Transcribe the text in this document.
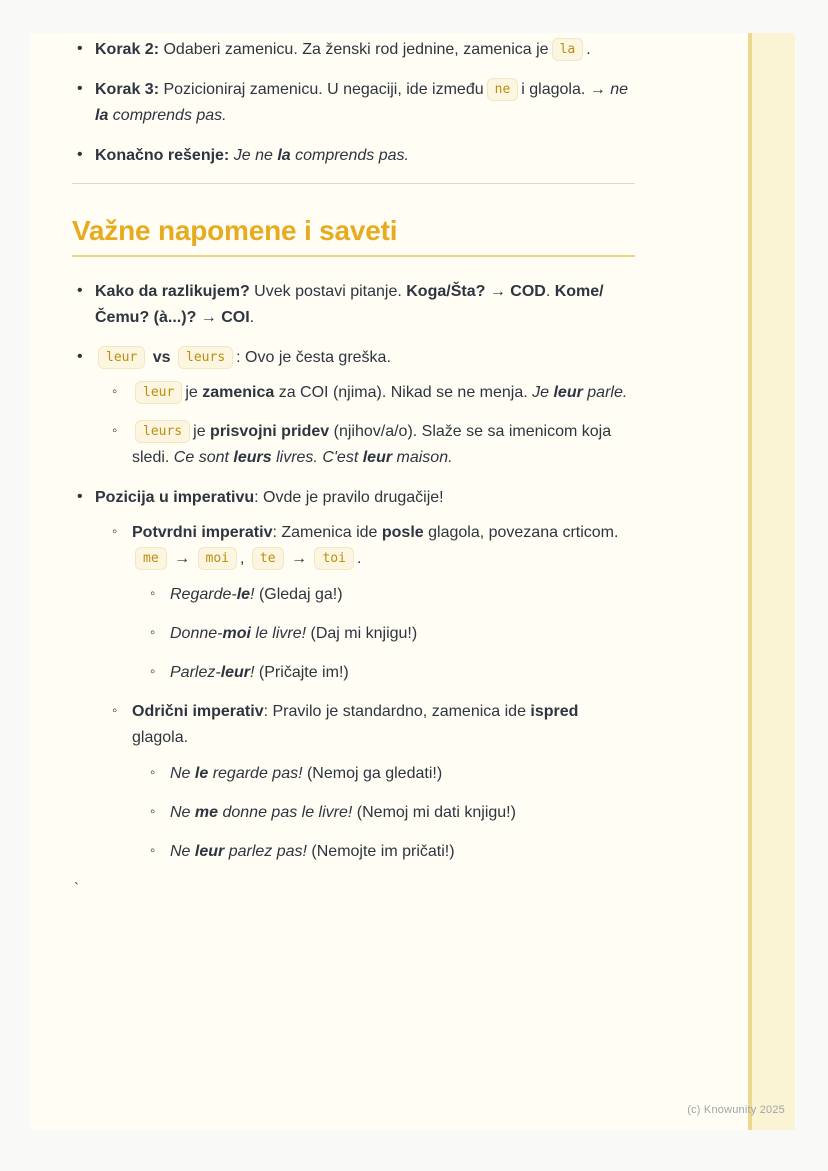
• Korak 2: Odaberi zamenicu. Za ženski rod jednine, zamenica je la .
• Korak 3: Pozicioniraj zamenicu. U negaciji, ide između ne i glagola. → ne la comprends pas.
• Konačno rešenje: Je ne la comprends pas.
Važne napomene i saveti
• Kako da razlikujem? Uvek postavi pitanje. Koga/Šta? → COD. Kome/Čemu? (à...)? → COI.
• leur vs leurs : Ovo je česta greška.
◦ leur je zamenica za COI (njima). Nikad se ne menja. Je leur parle.
◦ leurs je prisvojni pridev (njihov/a/o). Slaže se sa imenicom koja sledi. Ce sont leurs livres. C'est leur maison.
• Pozicija u imperativu: Ovde je pravilo drugačije!
◦ Potvrdni imperativ: Zamenica ide posle glagola, povezana crticom. me → moi , te → toi .
◦ Regarde-le! (Gledaj ga!)
◦ Donne-moi le livre! (Daj mi knjigu!)
◦ Parlez-leur! (Pričajte im!)
◦ Odrični imperativ: Pravilo je standardno, zamenica ide ispred glagola.
◦ Ne le regarde pas! (Nemoj ga gledati!)
◦ Ne me donne pas le livre! (Nemoj mi dati knjigu!)
◦ Ne leur parlez pas! (Nemojte im pričati!)

`

(c) Knowunity 2025
